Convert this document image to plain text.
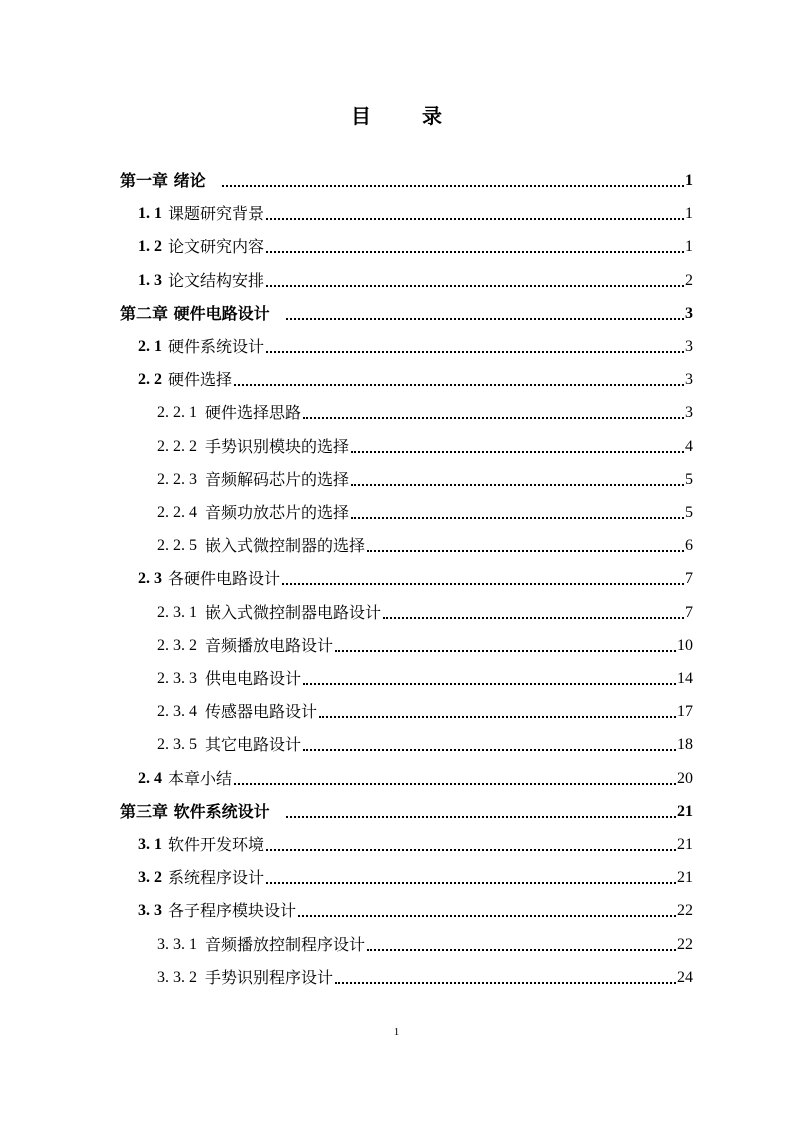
目 录
第一章 绪论	1
1. 1 课题研究背景	1
1. 2 论文研究内容	1
1. 3 论文结构安排	2
第二章 硬件电路设计	3
2. 1 硬件系统设计	3
2. 2 硬件选择	3
2. 2. 1 硬件选择思路	3
2. 2. 2 手势识别模块的选择	4
2. 2. 3 音频解码芯片的选择	5
2. 2. 4 音频功放芯片的选择	5
2. 2. 5 嵌入式微控制器的选择	6
2. 3 各硬件电路设计	7
2. 3. 1 嵌入式微控制器电路设计	7
2. 3. 2 音频播放电路设计	10
2. 3. 3 供电电路设计	14
2. 3. 4 传感器电路设计	17
2. 3. 5 其它电路设计	18
2. 4 本章小结	20
第三章 软件系统设计	21
3. 1 软件开发环境	21
3. 2 系统程序设计	21
3. 3 各子程序模块设计	22
3. 3. 1 音频播放控制程序设计	22
3. 3. 2 手势识别程序设计	24
1
